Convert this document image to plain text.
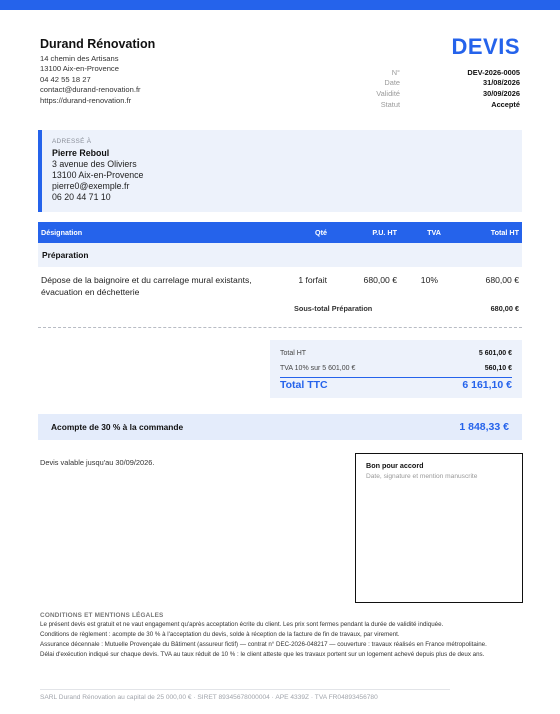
Durand Rénovation
14 chemin des Artisans
13100 Aix-en-Provence
04 42 55 18 27
contact@durand-renovation.fr
https://durand-renovation.fr
DEVIS
N°	DEV-2026-0005
Date	31/08/2026
Validité	30/09/2026
Statut	Accepté
ADRESSÉ À
Pierre Reboul
3 avenue des Oliviers
13100 Aix-en-Provence
pierre0@exemple.fr
06 20 44 71 10
Désignation	Qté	P.U. HT	TVA	Total HT
Préparation
Dépose de la baignoire et du carrelage mural existants, évacuation en déchetterie
1 forfait	680,00 €	10%	680,00 €
Sous-total Préparation	680,00 €
Total HT	5 601,00 €
TVA 10% sur 5 601,00 €	560,10 €
Total TTC	6 161,10 €
Acompte de 30 % à la commande	1 848,33 €
Devis valable jusqu'au 30/09/2026.	Bon pour accord
Date, signature et mention manuscrite
CONDITIONS ET MENTIONS LÉGALES
Le présent devis est gratuit et ne vaut engagement qu'après acceptation écrite du client. Les prix sont fermes pendant la durée de validité indiquée.
Conditions de règlement : acompte de 30 % à l'acceptation du devis, solde à réception de la facture de fin de travaux, par virement.
Assurance décennale : Mutuelle Provençale du Bâtiment (assureur fictif) — contrat n° DEC-2026-048217 — couverture : travaux réalisés en France métropolitaine.
Délai d'exécution indiqué sur chaque devis. TVA au taux réduit de 10 % : le client atteste que les travaux portent sur un logement achevé depuis plus de deux ans.
SARL Durand Rénovation au capital de 25 000,00 € · SIRET 89345678000004 · APE 4339Z · TVA FR04893456780
